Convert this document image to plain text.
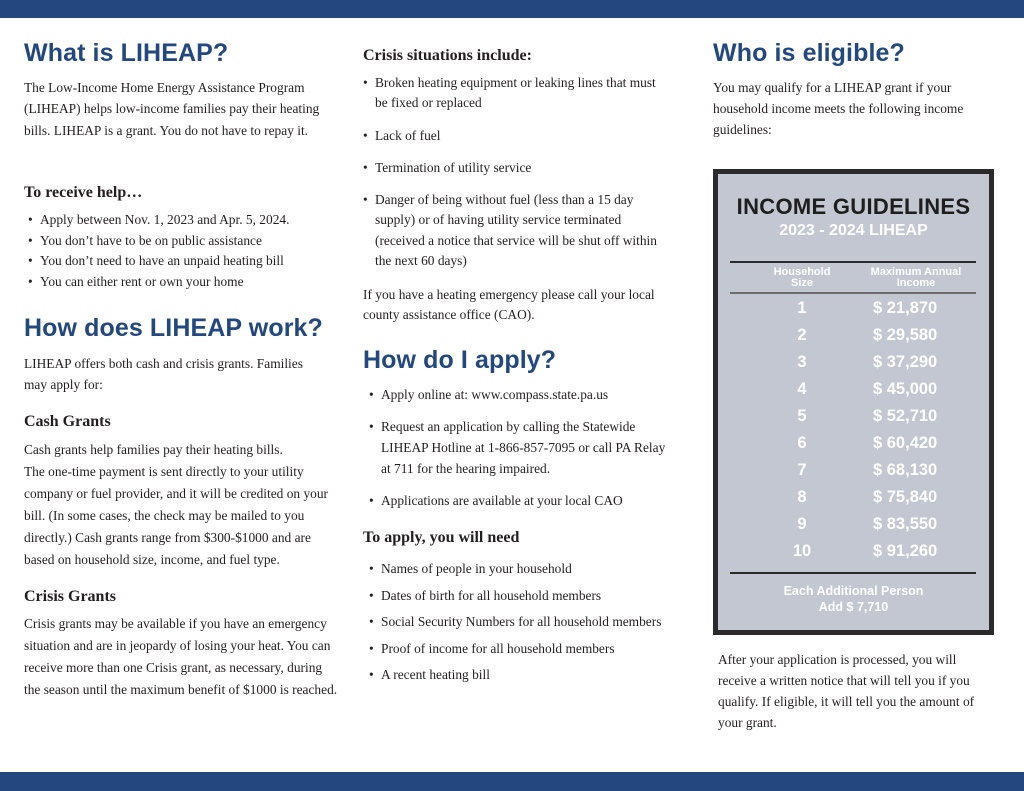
What is LIHEAP?

The Low-Income Home Energy Assistance Program (LIHEAP) helps low-income families pay their heating bills. LIHEAP is a grant. You do not have to repay it.

To receive help…
• Apply between Nov. 1, 2023 and Apr. 5, 2024.
• You don’t have to be on public assistance
• You don’t need to have an unpaid heating bill
• You can either rent or own your home
How does LIHEAP work?

LIHEAP offers both cash and crisis grants. Families may apply for:

Cash Grants

Cash grants help families pay their heating bills.

The one-time payment is sent directly to your utility company or fuel provider, and it will be credited on your bill. (In some cases, the check may be mailed to you directly.) Cash grants range from $300-$1000 and are based on household size, income, and fuel type.

Crisis Grants

Crisis grants may be available if you have an emergency situation and are in jeopardy of losing your heat. You can receive more than one Crisis grant, as necessary, during the season until the maximum benefit of $1000 is reached.

Crisis situations include:
• Broken heating equipment or leaking lines that must be fixed or replaced
• Lack of fuel
• Termination of utility service
• Danger of being without fuel (less than a 15 day supply) or of having utility service terminated (received a notice that service will be shut off within the next 60 days)

If you have a heating emergency please call your local county assistance office (CAO).

How do I apply?
• Apply online at: www.compass.state.pa.us
• Request an application by calling the Statewide LIHEAP Hotline at 1-866-857-7095 or call PA Relay at 711 for the hearing impaired.
• Applications are available at your local CAO
To apply, you will need
• Names of people in your household
• Dates of birth for all household members
• Social Security Numbers for all household members
• Proof of income for all household members
• A recent heating bill
Who is eligible?

You may qualify for a LIHEAP grant if your household income meets the following income guidelines:

INCOME GUIDELINES
2023 - 2024 LIHEAP
Household
Size
Maximum Annual
Income
1	$ 21,870
2	$ 29,580
3	$ 37,290
4	$ 45,000
5	$ 52,710
6	$ 60,420
7	$ 68,130
8	$ 75,840
9	$ 83,550
10	$ 91,260
Each Additional Person
Add $ 7,710

After your application is processed, you will receive a written notice that will tell you if you qualify. If eligible, it will tell you the amount of your grant.
